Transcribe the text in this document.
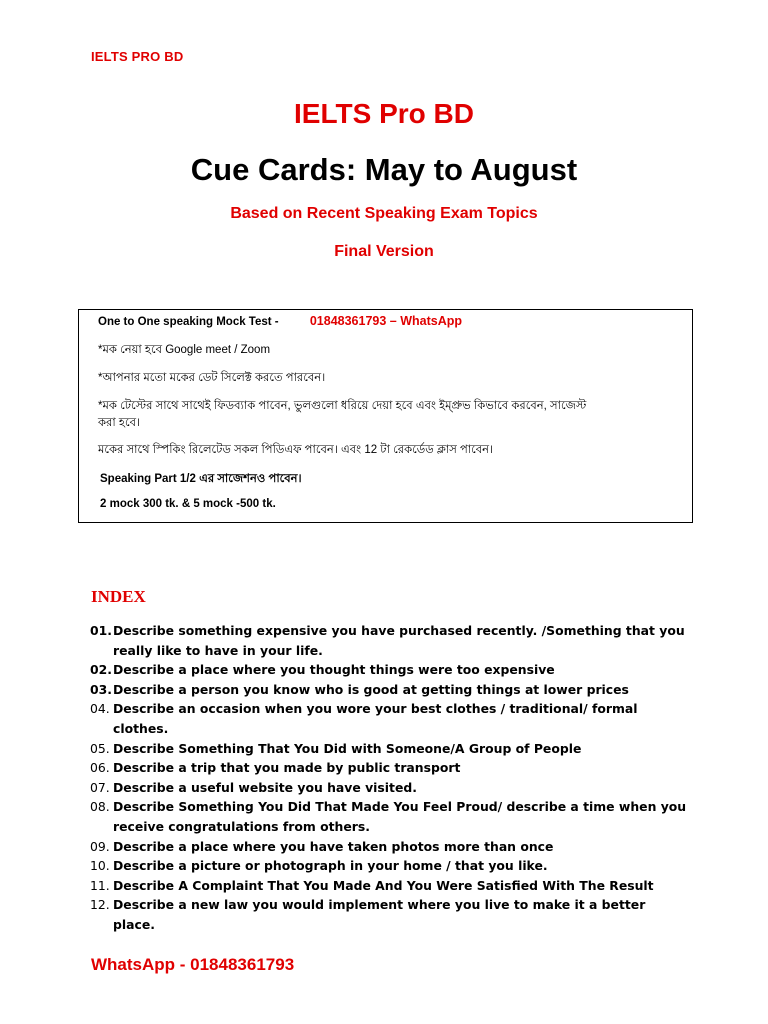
IELTS PRO BD
IELTS Pro BD
Cue Cards: May to August
Based on Recent Speaking Exam Topics
Final Version
One to One speaking Mock Test - 01848361793 – WhatsApp
*মক নেয়া হবে Google meet / Zoom
*আপনার মতো মকের ডেট সিলেক্ট করতে পারবেন।
*মক টেস্টের সাথে সাথেই ফিডব্যাক পাবেন, ভুলগুলো ধরিয়ে দেয়া হবে এবং ইম্প্রুভ কিভাবে করবেন, সাজেস্ট
করা হবে।
মকের সাথে স্পিকিং রিলেটেড সকল পিডিএফ পাবেন। এবং 12 টা রেকর্ডেড ক্লাস পাবেন।
Speaking Part 1/2 এর সাজেশনও পাবেন।
2 mock 300 tk. & 5 mock -500 tk.
INDEX
01. Describe something expensive you have purchased recently. /Something that you really like to have in your life.
02. Describe a place where you thought things were too expensive
03. Describe a person you know who is good at getting things at lower prices
04. Describe an occasion when you wore your best clothes / traditional/ formal clothes.
05. Describe Something That You Did with Someone/A Group of People
06. Describe a trip that you made by public transport
07. Describe a useful website you have visited.
08. Describe Something You Did That Made You Feel Proud/ describe a time when you receive congratulations from others.
09. Describe a place where you have taken photos more than once
10. Describe a picture or photograph in your home / that you like.
11. Describe A Complaint That You Made And You Were Satisfied With The Result
12. Describe a new law you would implement where you live to make it a better place.
WhatsApp - 01848361793
